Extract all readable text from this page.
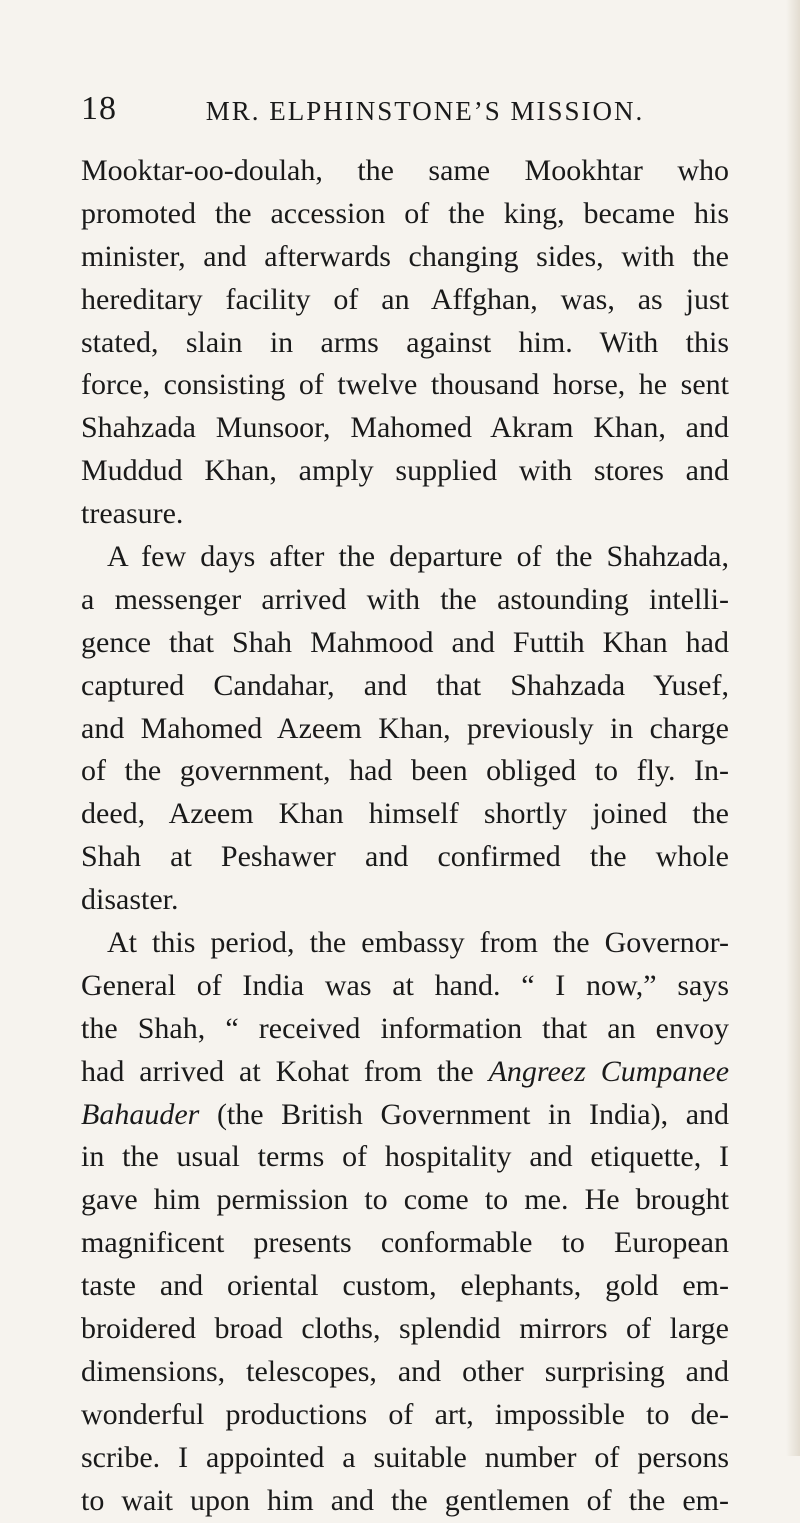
18	MR. ELPHINSTONE’S MISSION.
Mooktar-oo-doulah, the same Mookhtar who
promoted the accession of the king, became his
minister, and afterwards changing sides, with the
hereditary facility of an Affghan, was, as just
stated, slain in arms against him. With this
force, consisting of twelve thousand horse, he sent
Shahzada Munsoor, Mahomed Akram Khan, and
Muddud Khan, amply supplied with stores and
treasure.
A few days after the departure of the Shahzada,
a messenger arrived with the astounding intelli-
gence that Shah Mahmood and Futtih Khan had
captured Candahar, and that Shahzada Yusef,
and Mahomed Azeem Khan, previously in charge
of the government, had been obliged to fly. In-
deed, Azeem Khan himself shortly joined the
Shah at Peshawer and confirmed the whole
disaster.
At this period, the embassy from the Governor-
General of India was at hand. “ I now,” says
the Shah, “ received information that an envoy
had arrived at Kohat from the Angreez Cumpanee
Bahauder (the British Government in India), and
in the usual terms of hospitality and etiquette, I
gave him permission to come to me. He brought
magnificent presents conformable to European
taste and oriental custom, elephants, gold em-
broidered broad cloths, splendid mirrors of large
dimensions, telescopes, and other surprising and
wonderful productions of art, impossible to de-
scribe. I appointed a suitable number of persons
to wait upon him and the gentlemen of the em-
